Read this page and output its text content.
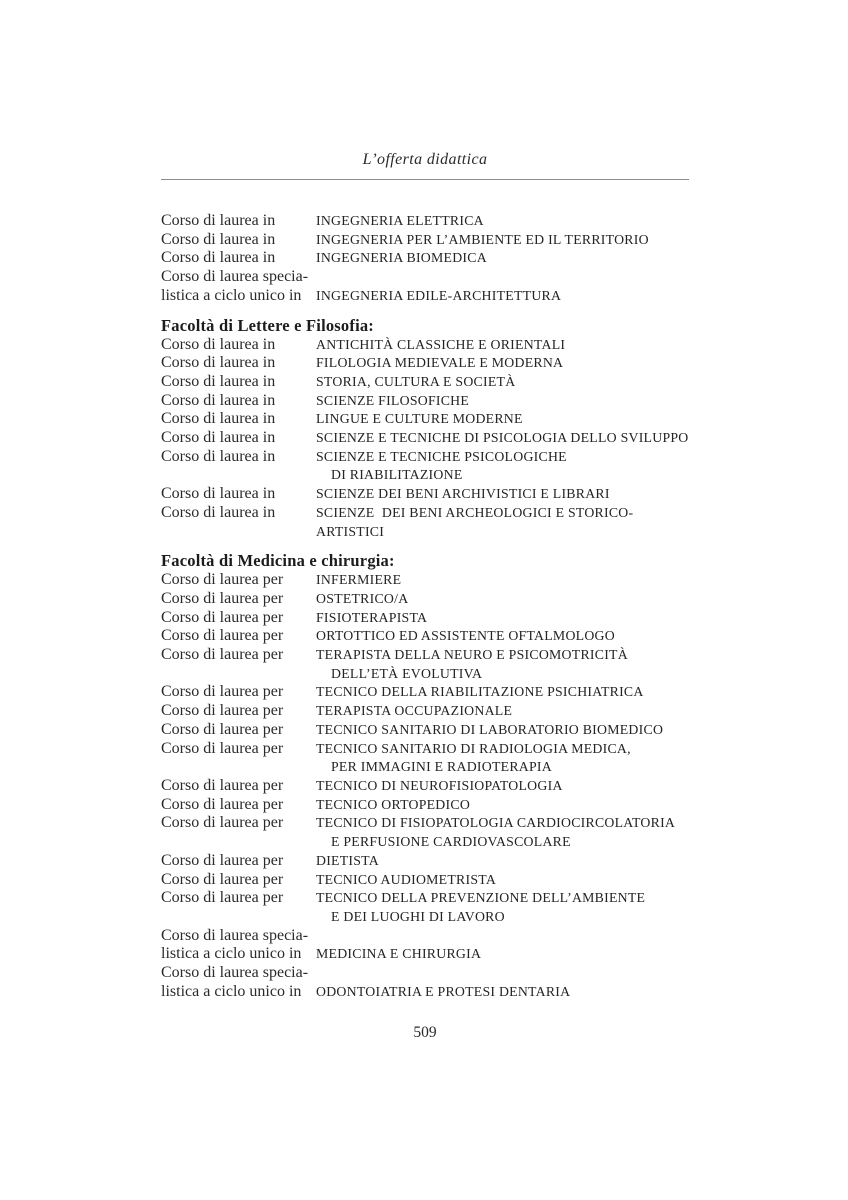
L’offerta didattica
Corso di laurea in	INGEGNERIA ELETTRICA
Corso di laurea in	INGEGNERIA PER L’AMBIENTE ED IL TERRITORIO
Corso di laurea in	INGEGNERIA BIOMEDICA
Corso di laurea specia-
listica a ciclo unico in	INGEGNERIA EDILE-ARCHITETTURA
Facoltà di Lettere e Filosofia:
Corso di laurea in	ANTICHITÀ CLASSICHE E ORIENTALI
Corso di laurea in	FILOLOGIA MEDIEVALE E MODERNA
Corso di laurea in	STORIA, CULTURA E SOCIETÀ
Corso di laurea in	SCIENZE FILOSOFICHE
Corso di laurea in	LINGUE E CULTURE MODERNE
Corso di laurea in	SCIENZE E TECNICHE DI PSICOLOGIA DELLO SVILUPPO
Corso di laurea in	SCIENZE E TECNICHE PSICOLOGICHE
DI RIABILITAZIONE
Corso di laurea in	SCIENZE DEI BENI ARCHIVISTICI E LIBRARI
Corso di laurea in	SCIENZE  DEI BENI ARCHEOLOGICI E STORICO-
ARTISTICI
Facoltà di Medicina e chirurgia:
Corso di laurea per	INFERMIERE
Corso di laurea per	OSTETRICO/A
Corso di laurea per	FISIOTERAPISTA
Corso di laurea per	ORTOTTICO ED ASSISTENTE OFTALMOLOGO
Corso di laurea per	TERAPISTA DELLA NEURO E PSICOMOTRICITÀ
DELL’ETÀ EVOLUTIVA
Corso di laurea per	TECNICO DELLA RIABILITAZIONE PSICHIATRICA
Corso di laurea per	TERAPISTA OCCUPAZIONALE
Corso di laurea per	TECNICO SANITARIO DI LABORATORIO BIOMEDICO
Corso di laurea per	TECNICO SANITARIO DI RADIOLOGIA MEDICA,
PER IMMAGINI E RADIOTERAPIA
Corso di laurea per	TECNICO DI NEUROFISIOPATOLOGIA
Corso di laurea per	TECNICO ORTOPEDICO
Corso di laurea per	TECNICO DI FISIOPATOLOGIA CARDIOCIRCOLATORIA
E PERFUSIONE CARDIOVASCOLARE
Corso di laurea per	DIETISTA
Corso di laurea per	TECNICO AUDIOMETRISTA
Corso di laurea per	TECNICO DELLA PREVENZIONE DELL’AMBIENTE
E DEI LUOGHI DI LAVORO
Corso di laurea specia-
listica a ciclo unico in	MEDICINA E CHIRURGIA
Corso di laurea specia-
listica a ciclo unico in	ODONTOIATRIA E PROTESI DENTARIA
509
